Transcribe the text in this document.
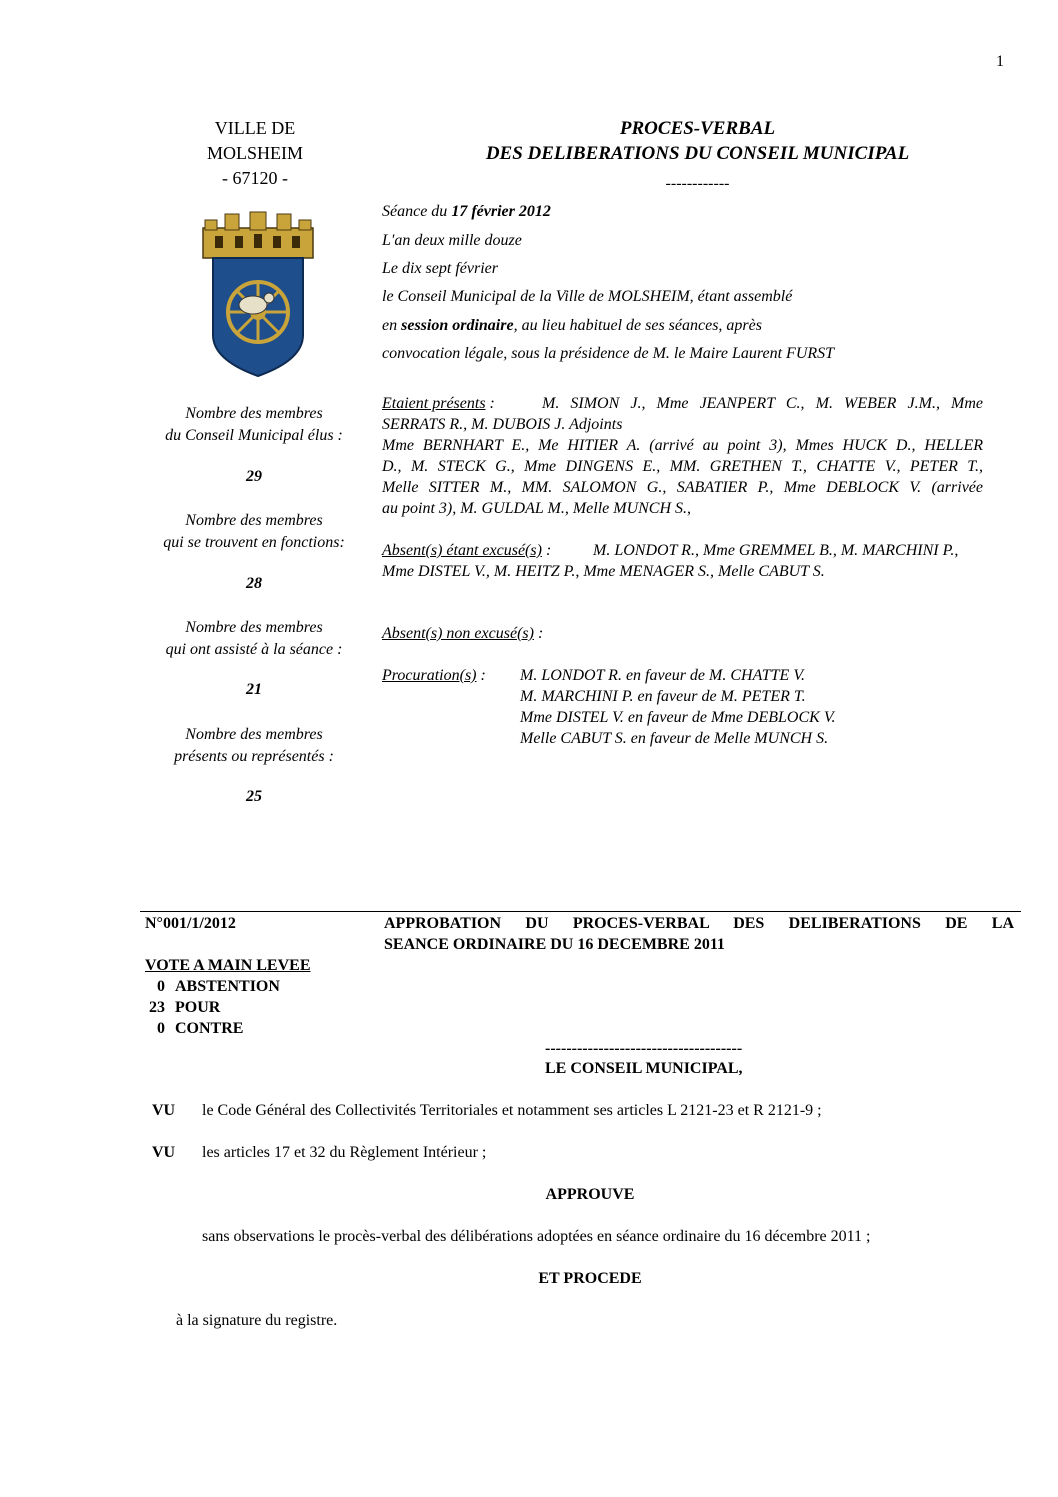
1
VILLE DE
MOLSHEIM
- 67120 -
PROCES-VERBAL
DES DELIBERATIONS DU CONSEIL MUNICIPAL
------------
Séance du 17 février 2012
L'an deux mille douze
Le dix sept février
le Conseil Municipal de la Ville de MOLSHEIM, étant assemblé
en session ordinaire, au lieu habituel de ses séances, après
convocation légale, sous la présidence de M. le Maire Laurent FURST
Nombre des membres
du Conseil Municipal élus :
29
Nombre des membres
qui se trouvent en fonctions:
28
Nombre des membres
qui ont assisté à la séance :
21
Nombre des membres
présents ou représentés :
25
Etaient présents :	M. SIMON J., Mme JEANPERT C., M. WEBER J.M., Mme
SERRATS R., M. DUBOIS J. Adjoints
Mme BERNHART E., Me HITIER A. (arrivé au point 3), Mmes HUCK D., HELLER
D., M. STECK G., Mme DINGENS E., MM. GRETHEN T., CHATTE V., PETER T.,
Melle SITTER M., MM. SALOMON G., SABATIER P., Mme DEBLOCK V. (arrivée
au point 3), M. GULDAL M., Melle MUNCH S.,
Absent(s) étant excusé(s) :	M. LONDOT R., Mme GREMMEL B., M. MARCHINI P.,
Mme DISTEL V., M. HEITZ P., Mme MENAGER S., Melle CABUT S.
Absent(s) non excusé(s) :
Procuration(s) : M. LONDOT R. en faveur de M. CHATTE V.
M. MARCHINI P. en faveur de M. PETER T.
Mme DISTEL V. en faveur de Mme DEBLOCK V.
Melle CABUT S. en faveur de Melle MUNCH S.
N°001/1/2012	APPROBATION DU PROCES-VERBAL DES DELIBERATIONS DE LA
SEANCE ORDINAIRE DU 16 DECEMBRE 2011
VOTE A MAIN LEVEE
0 ABSTENTION
23 POUR
0 CONTRE
-------------------------------------
LE CONSEIL MUNICIPAL,
VU le Code Général des Collectivités Territoriales et notamment ses articles L 2121-23 et R 2121-9 ;
VU les articles 17 et 32 du Règlement Intérieur ;
APPROUVE
sans observations le procès-verbal des délibérations adoptées en séance ordinaire du 16 décembre 2011 ;
ET PROCEDE
à la signature du registre.
